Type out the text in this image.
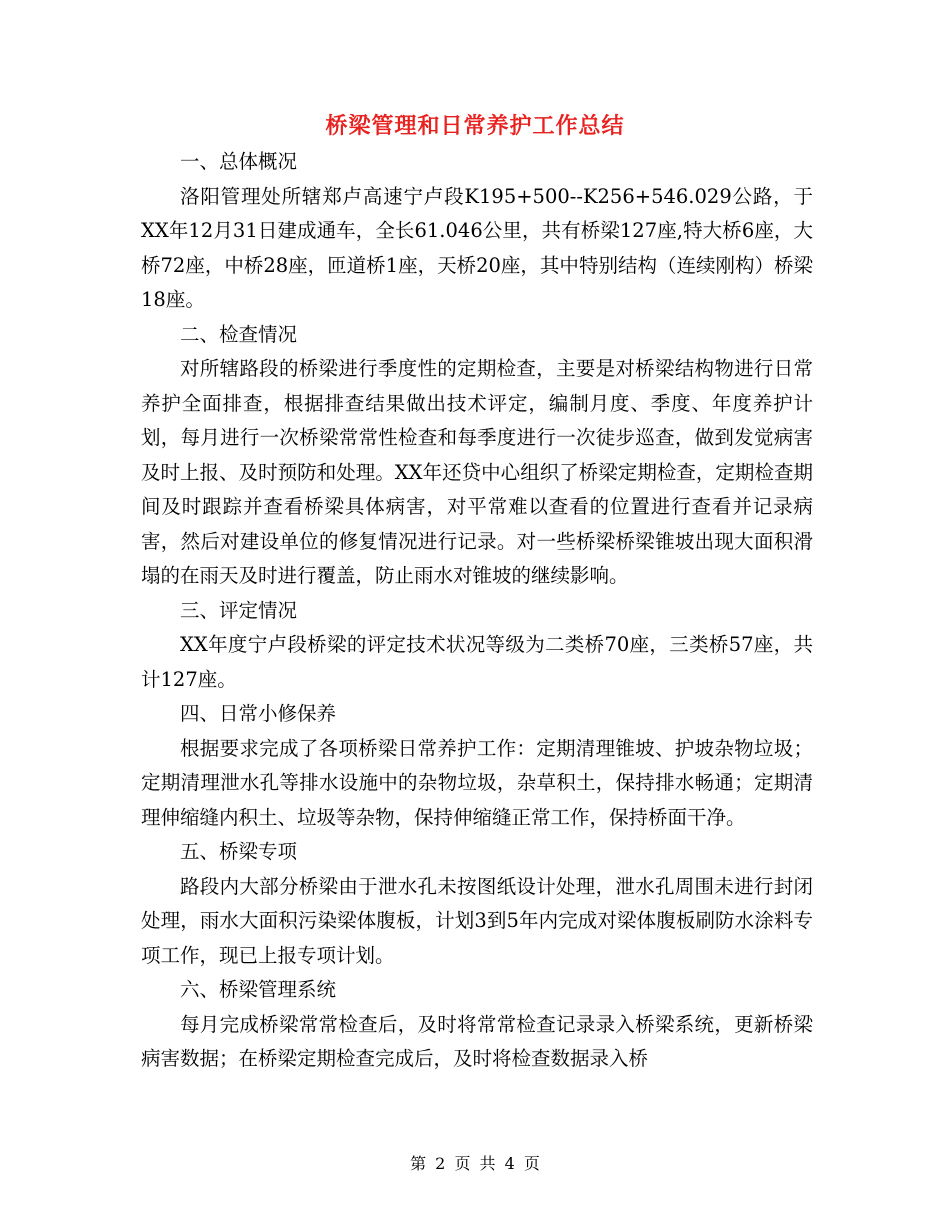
桥梁管理和日常养护工作总结

一、总体概况

洛阳管理处所辖郑卢高速宁卢段K195+500--K256+546.029公路，于XX年12月31日建成通车，全长61.046公里，共有桥梁127座,特大桥6座，大桥72座，中桥28座，匝道桥1座，天桥20座，其中特别结构（连续刚构）桥梁18座。

二、检查情况

对所辖路段的桥梁进行季度性的定期检查，主要是对桥梁结构物进行日常养护全面排查，根据排查结果做出技术评定，编制月度、季度、年度养护计划，每月进行一次桥梁常常性检查和每季度进行一次徒步巡查，做到发觉病害及时上报、及时预防和处理。XX年还贷中心组织了桥梁定期检查，定期检查期间及时跟踪并查看桥梁具体病害，对平常难以查看的位置进行查看并记录病害，然后对建设单位的修复情况进行记录。对一些桥梁桥梁锥坡出现大面积滑塌的在雨天及时进行覆盖，防止雨水对锥坡的继续影响。

三、评定情况

XX年度宁卢段桥梁的评定技术状况等级为二类桥70座，三类桥57座，共计127座。

四、日常小修保养

根据要求完成了各项桥梁日常养护工作：定期清理锥坡、护坡杂物垃圾；定期清理泄水孔等排水设施中的杂物垃圾，杂草积土，保持排水畅通；定期清理伸缩缝内积土、垃圾等杂物，保持伸缩缝正常工作，保持桥面干净。

五、桥梁专项

路段内大部分桥梁由于泄水孔未按图纸设计处理，泄水孔周围未进行封闭处理，雨水大面积污染梁体腹板，计划3到5年内完成对梁体腹板刷防水涂料专项工作，现已上报专项计划。

六、桥梁管理系统

每月完成桥梁常常检查后，及时将常常检查记录录入桥梁系统，更新桥梁病害数据；在桥梁定期检查完成后，及时将检查数据录入桥

第 2 页 共 4 页
